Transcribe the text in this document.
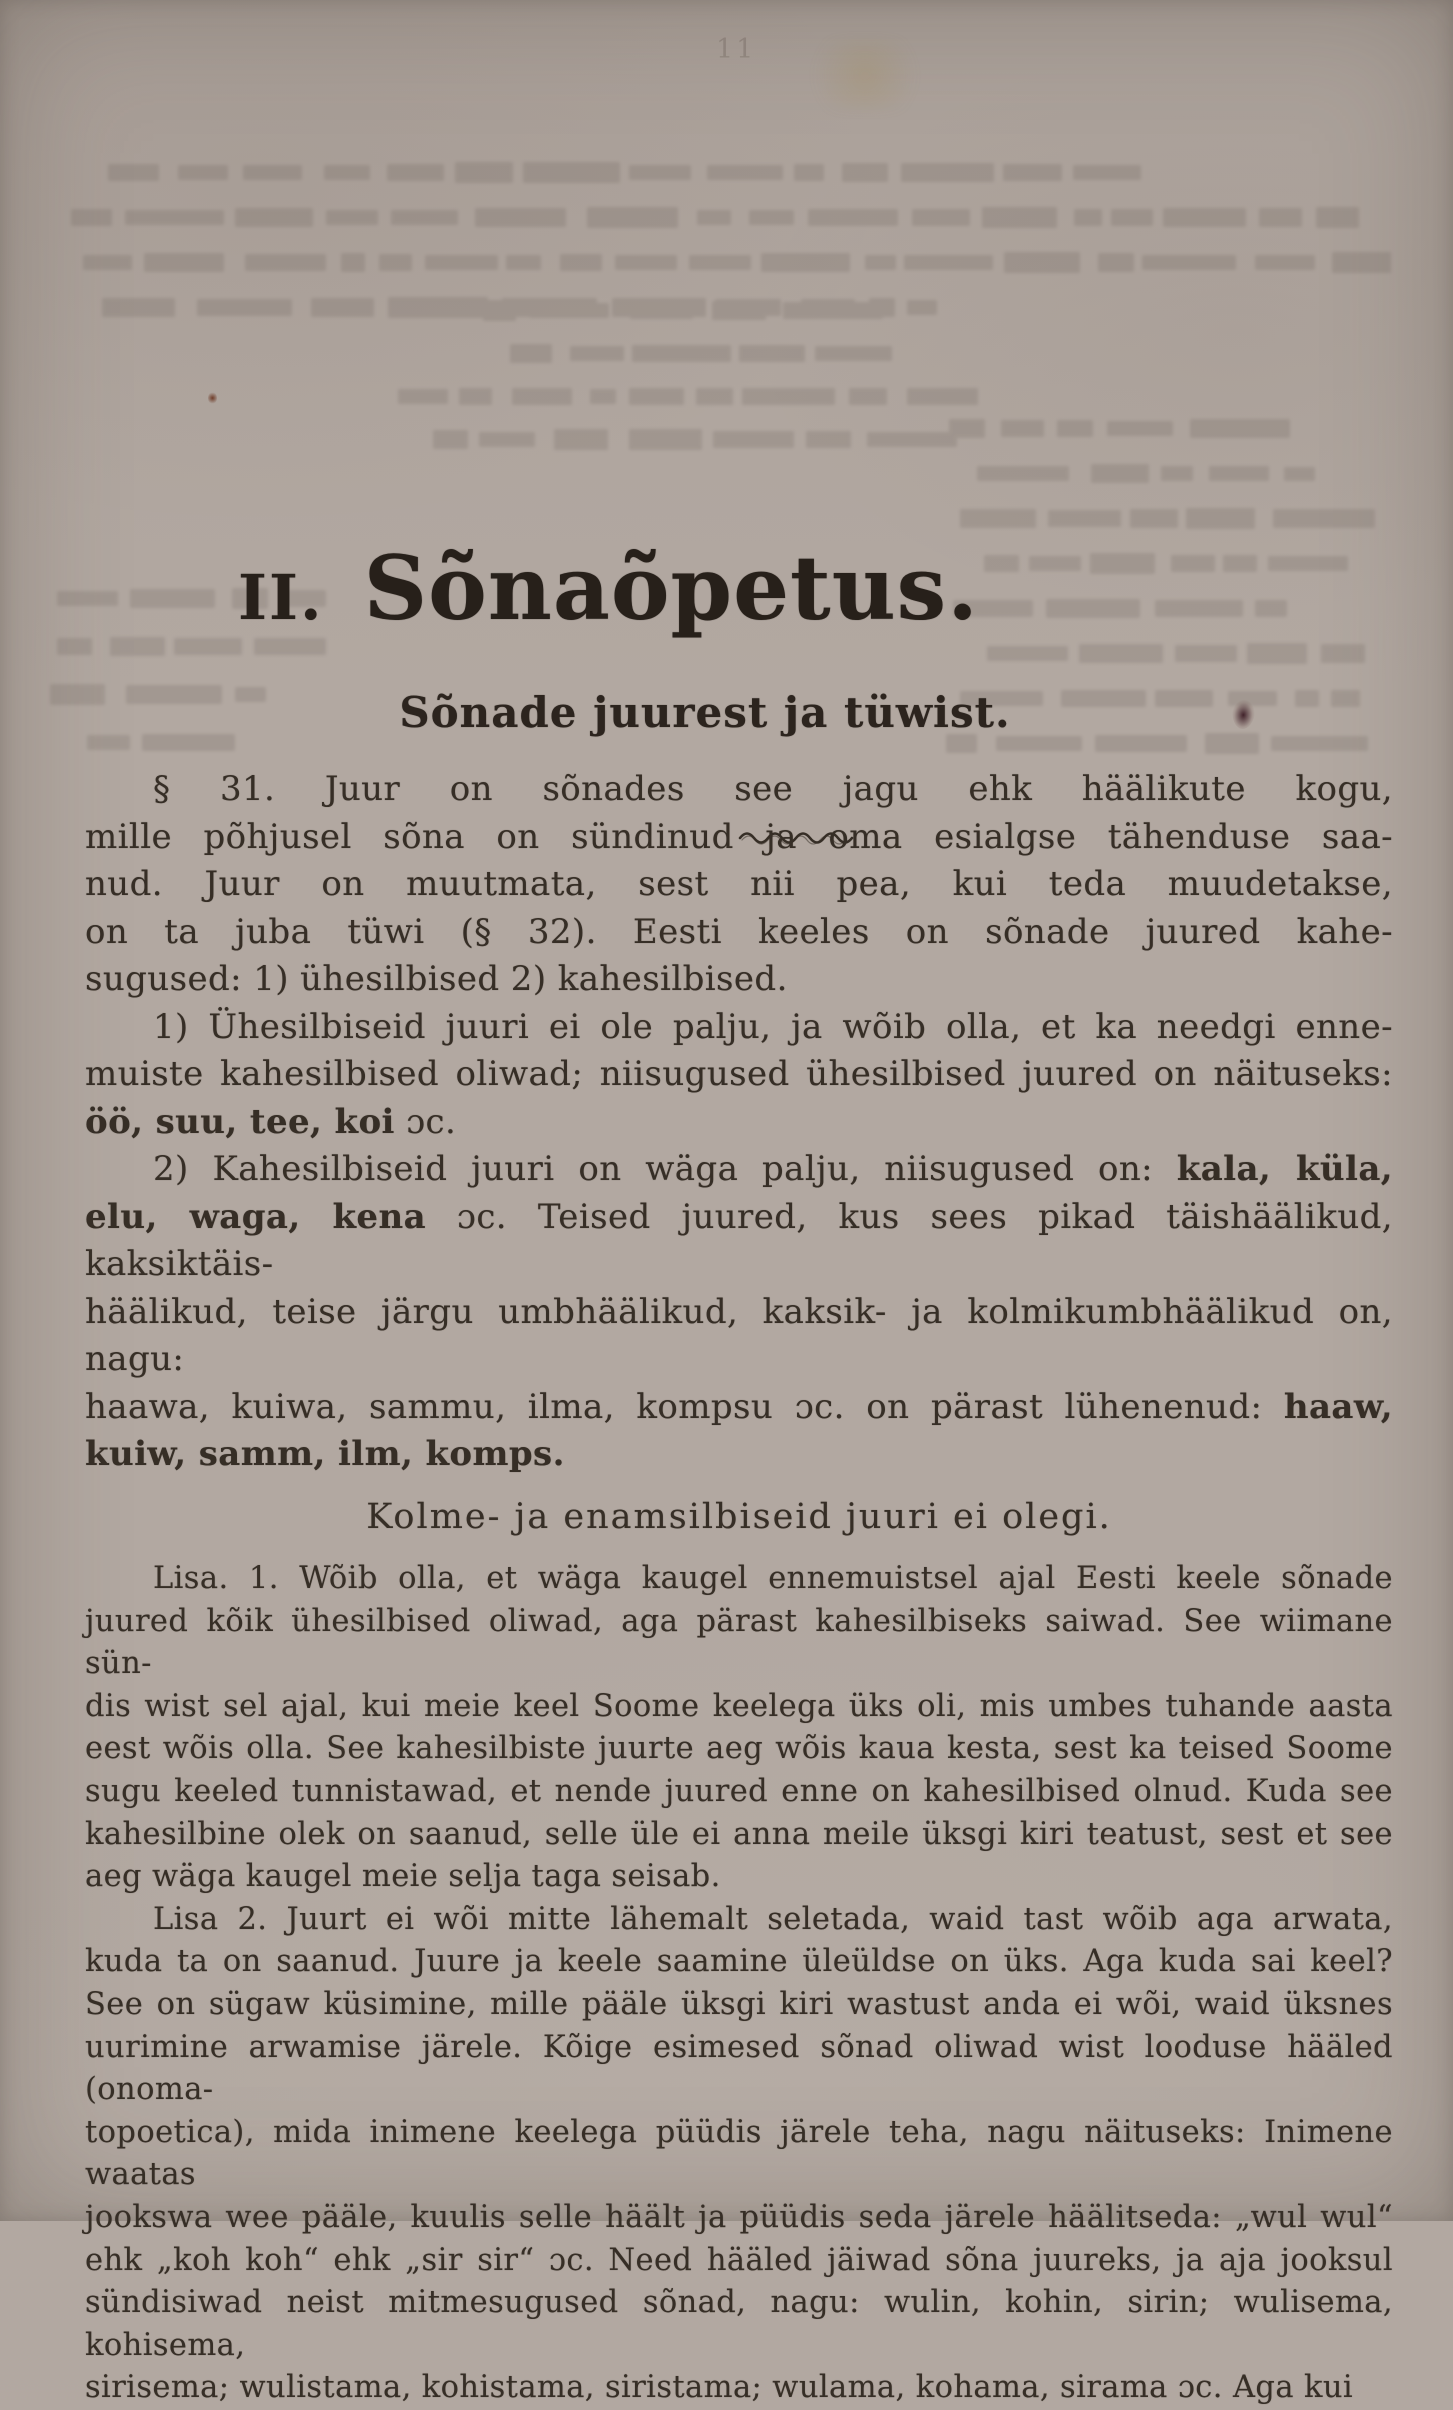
11
II. Sõnaõpetus.
Sõnade juurest ja tüwist.
§ 31. Juur on sõnades see jagu ehk häälikute kogu,
mille põhjusel sõna on sündinud ja oma esialgse tähenduse saa-
nud. Juur on muutmata, sest nii pea, kui teda muudetakse,
on ta juba tüwi (§ 32). Eesti keeles on sõnade juured kahe-
sugused: 1) ühesilbised 2) kahesilbised.
1) Ühesilbiseid juuri ei ole palju, ja wõib olla, et ka needgi enne-
muiste kahesilbised oliwad; niisugused ühesilbised juured on näituseks:
öö, suu, tee, koi ɔc.
2) Kahesilbiseid juuri on wäga palju, niisugused on: kala, küla,
elu, waga, kena ɔc. Teised juured, kus sees pikad täishäälikud, kaksiktäis-
häälikud, teise järgu umbhäälikud, kaksik- ja kolmikumbhäälikud on, nagu:
haawa, kuiwa, sammu, ilma, kompsu ɔc. on pärast lühenenud: haaw,
kuiw, samm, ilm, komps.
Kolme- ja enamsilbiseid juuri ei olegi.
Lisa. 1. Wõib olla, et wäga kaugel ennemuistsel ajal Eesti keele sõnade
juured kõik ühesilbised oliwad, aga pärast kahesilbiseks saiwad. See wiimane sün-
dis wist sel ajal, kui meie keel Soome keelega üks oli, mis umbes tuhande aasta
eest wõis olla. See kahesilbiste juurte aeg wõis kaua kesta, sest ka teised Soome
sugu keeled tunnistawad, et nende juured enne on kahesilbised olnud. Kuda see
kahesilbine olek on saanud, selle üle ei anna meile üksgi kiri teatust, sest et see
aeg wäga kaugel meie selja taga seisab.
Lisa 2. Juurt ei wõi mitte lähemalt seletada, waid tast wõib aga arwata,
kuda ta on saanud. Juure ja keele saamine üleüldse on üks. Aga kuda sai keel?
See on sügaw küsimine, mille pääle üksgi kiri wastust anda ei wõi, waid üksnes
uurimine arwamise järele. Kõige esimesed sõnad oliwad wist looduse hääled (onoma-
topoetica), mida inimene keelega püüdis järele teha, nagu näituseks: Inimene waatas
jookswa wee pääle, kuulis selle häält ja püüdis seda järele häälitseda: „wul wul“
ehk „koh koh“ ehk „sir sir“ ɔc. Need hääled jäiwad sõna juureks, ja aja jooksul
sündisiwad neist mitmesugused sõnad, nagu: wulin, kohin, sirin; wulisema, kohisema,
sirisema; wulistama, kohistama, siristama; wulama, kohama, sirama ɔc. Aga kui
